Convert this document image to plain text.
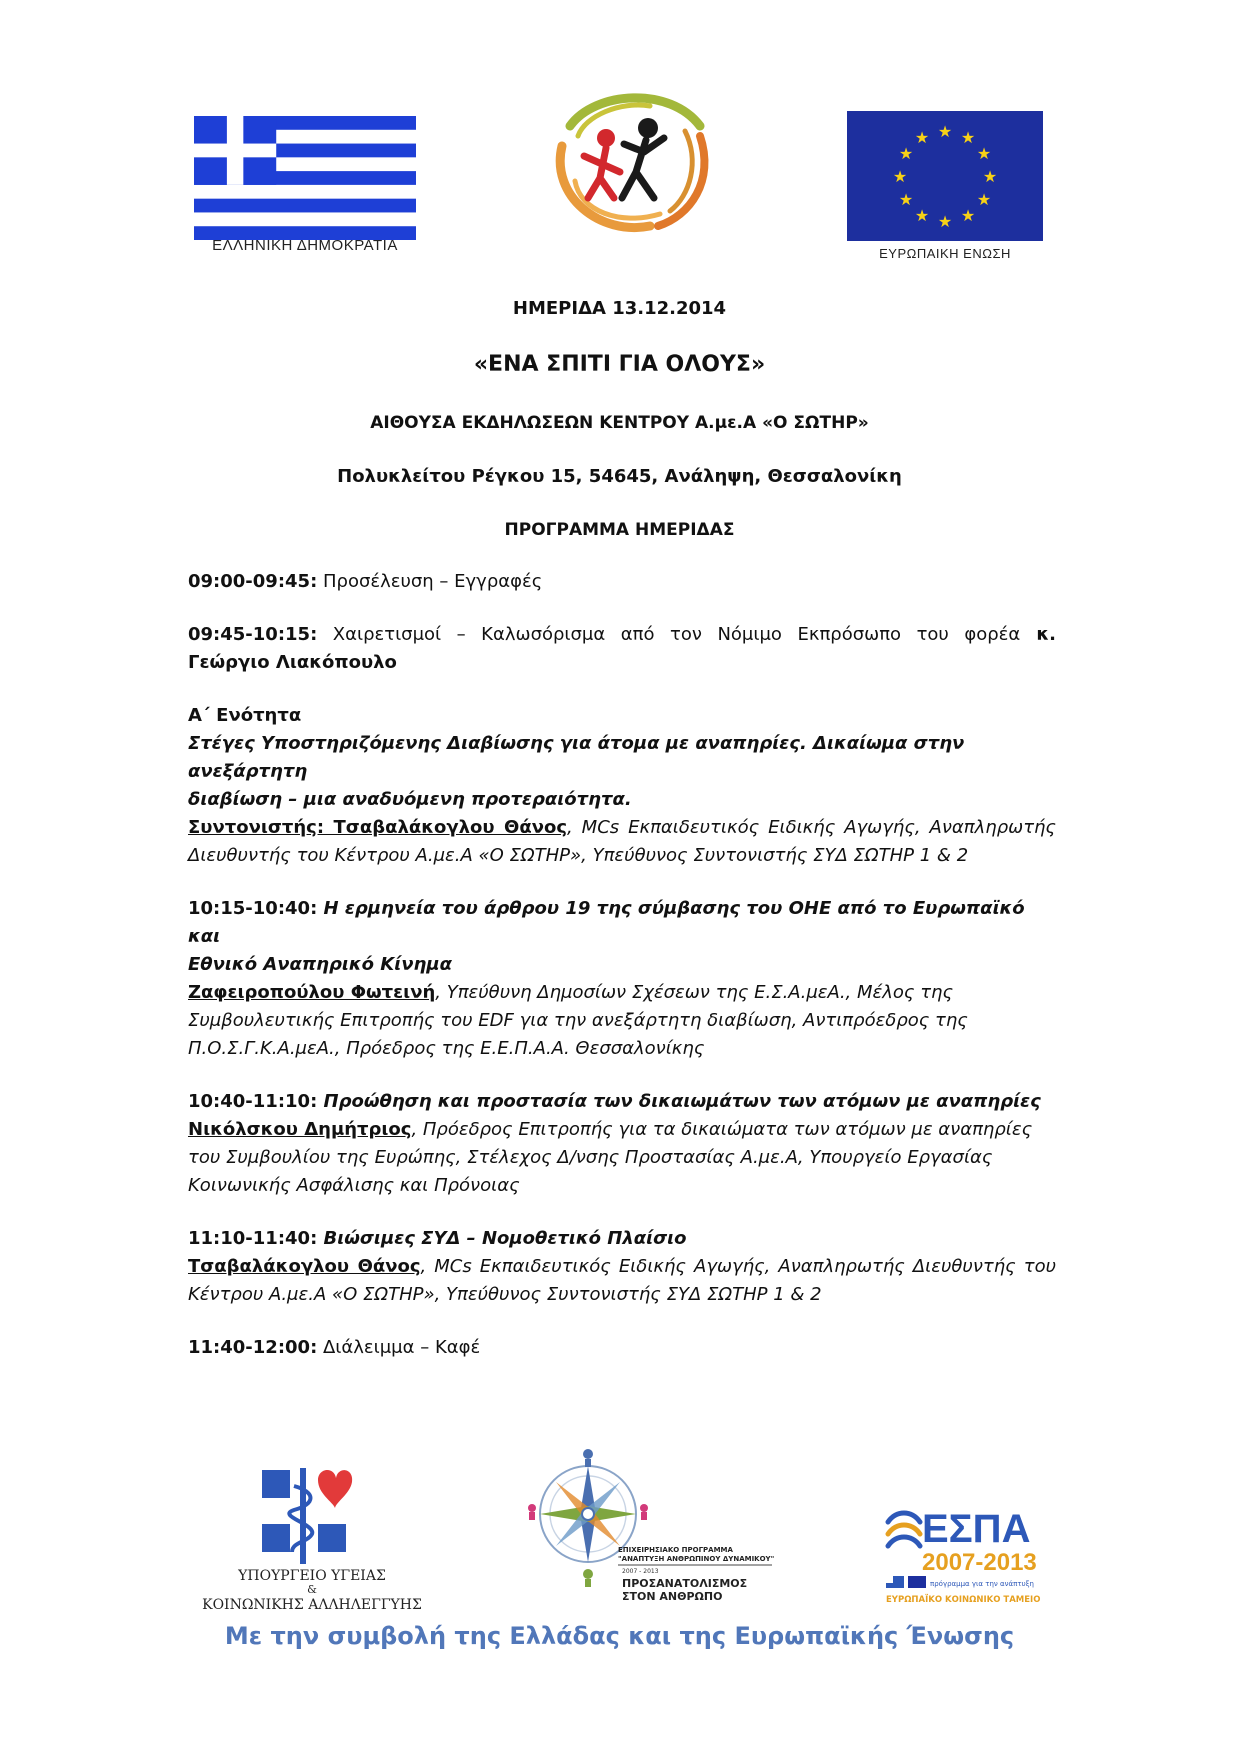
ΕΛΛΗΝΙΚΗ ΔΗΜΟΚΡΑΤΙΑ
★ ★
★
★
★
★
★
★
★
★
★
★
ΕΥΡΩΠΑΙΚΗ ΕΝΩΣΗ
ΗΜΕΡΙΔΑ 13.12.2014
«ΕΝΑ ΣΠΙΤΙ ΓΙΑ ΟΛΟΥΣ»
ΑΙΘΟΥΣΑ ΕΚΔΗΛΩΣΕΩΝ ΚΕΝΤΡΟΥ Α.με.Α «Ο ΣΩΤΗΡ»
Πολυκλείτου Ρέγκου 15, 54645, Ανάληψη, Θεσσαλονίκη
ΠΡΟΓΡΑΜΜΑ ΗΜΕΡΙΔΑΣ

09:00-09:45: Προσέλευση – Εγγραφές

09:45-10:15: Χαιρετισμοί – Καλωσόρισμα από τον Νόμιμο Εκπρόσωπο του φορέα κ.

Γεώργιο Λιακόπουλο

Α΄ Ενότητα

Στέγες Υποστηριζόμενης Διαβίωσης για άτομα με αναπηρίες. Δικαίωμα στην ανεξάρτητη

διαβίωση – μια αναδυόμενη προτεραιότητα.

Συντονιστής: Τσαβαλάκογλου Θάνος, MCs Εκπαιδευτικός Ειδικής Αγωγής, Αναπληρωτής

Διευθυντής του Κέντρου Α.με.Α «Ο ΣΩΤΗΡ», Υπεύθυνος Συντονιστής ΣΥΔ ΣΩΤΗΡ 1 & 2

10:15-10:40: Η ερμηνεία του άρθρου 19 της σύμβασης του ΟΗΕ από το Ευρωπαϊκό και

Εθνικό Αναπηρικό Κίνημα

Ζαφειροπούλου Φωτεινή, Υπεύθυνη Δημοσίων Σχέσεων της Ε.Σ.Α.μεΑ., Μέλος της

Συμβουλευτικής Επιτροπής του EDF για την ανεξάρτητη διαβίωση, Αντιπρόεδρος της

Π.Ο.Σ.Γ.Κ.Α.μεΑ., Πρόεδρος της Ε.Ε.Π.Α.Α. Θεσσαλονίκης

10:40-11:10: Προώθηση και προστασία των δικαιωμάτων των ατόμων με αναπηρίες

Νικόλσκου Δημήτριος, Πρόεδρος Επιτροπής για τα δικαιώματα των ατόμων με αναπηρίες

του Συμβουλίου της Ευρώπης, Στέλεχος Δ/νσης Προστασίας Α.με.Α, Υπουργείο Εργασίας

Κοινωνικής Ασφάλισης και Πρόνοιας

11:10-11:40: Βιώσιμες ΣΥΔ – Νομοθετικό Πλαίσιο

Τσαβαλάκογλου Θάνος, MCs Εκπαιδευτικός Ειδικής Αγωγής, Αναπληρωτής Διευθυντής του

Κέντρου Α.με.Α «Ο ΣΩΤΗΡ», Υπεύθυνος Συντονιστής ΣΥΔ ΣΩΤΗΡ 1 & 2

11:40-12:00: Διάλειμμα – Καφέ

ΥΠΟΥΡΓΕΙΟ ΥΓΕΙΑΣ
&
ΚΟΙΝΩΝΙΚΗΣ ΑΛΛΗΛΕΓΓΥΗΣ
ΕΠΙΧΕΙΡΗΣΙΑΚΟ ΠΡΟΓΡΑΜΜΑ
"ΑΝΑΠΤΥΞΗ ΑΝΘΡΩΠΙΝΟΥ ΔΥΝΑΜΙΚΟΥ"
2007 - 2013
ΠΡΟΣΑΝΑΤΟΛΙΣΜΟΣ
ΣΤΟΝ ΑΝΘΡΩΠΟ
ΕΣΠΑ
2007-2013
πρόγραμμα για την ανάπτυξη
ΕΥΡΩΠΑΪΚΟ ΚΟΙΝΩΝΙΚΟ ΤΑΜΕΙΟ
Με την συμβολή της Ελλάδας και της Ευρωπαϊκής Ένωσης
